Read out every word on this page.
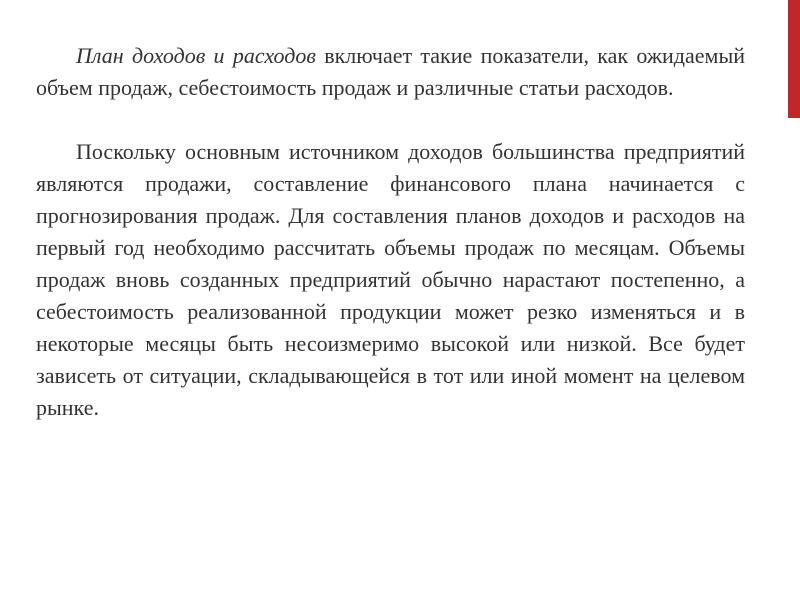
План доходов и расходов включает такие показатели, как ожидаемый объем продаж, себестоимость продаж и различные статьи расходов.

Поскольку основным источником доходов большинства предприятий являются продажи, составление финансового плана начинается с прогнозирования продаж. Для составления планов доходов и расходов на первый год необходимо рассчитать объемы продаж по месяцам. Объемы продаж вновь созданных предприятий обычно нарастают постепенно, а себестоимость реализованной продукции может резко изменяться и в некоторые месяцы быть несоизмеримо высокой или низкой. Все будет зависеть от ситуации, складывающейся в тот или иной момент на целевом рынке.
